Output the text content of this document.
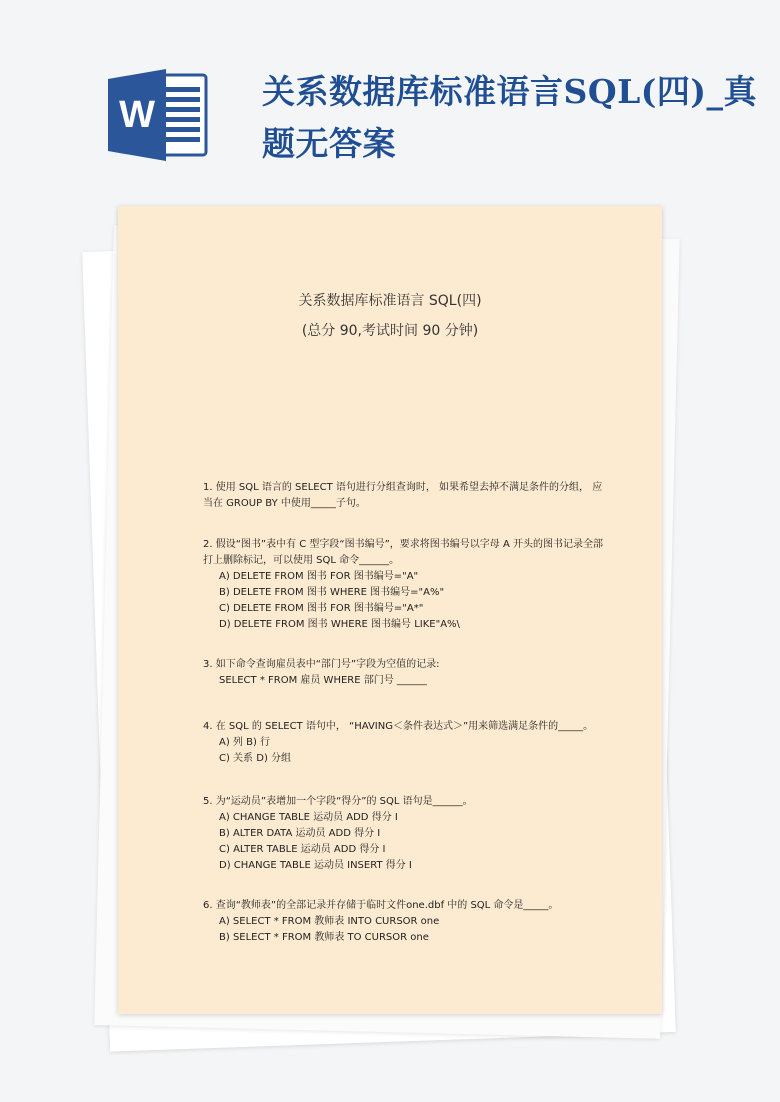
W
关系数据库标准语言SQL(四)_真题无答案
关系数据库标准语言 SQL(四)
(总分 90,考试时间 90 分钟)
1. 使用 SQL 语言的 SELECT 语句进行分组查询时， 如果希望去掉不满足条件的分组， 应当在 GROUP BY 中使用_____子句。
2. 假设“图书”表中有 C 型字段“图书编号”，要求将图书编号以字母 A 开头的图书记录全部打上删除标记，可以使用 SQL 命令______。
A) DELETE FROM 图书 FOR 图书编号="A"
B) DELETE FROM 图书 WHERE 图书编号="A%"
C) DELETE FROM 图书 FOR 图书编号="A*"
D) DELETE FROM 图书 WHERE 图书编号 LIKE"A%\
3. 如下命令查询雇员表中“部门号”字段为空值的记录:
SELECT * FROM 雇员 WHERE 部门号 ______
4. 在 SQL 的 SELECT 语句中， “HAVING＜条件表达式＞”用来筛选满足条件的_____。
A) 列 B) 行
C) 关系 D) 分组
5. 为“运动员”表增加一个字段“得分”的 SQL 语句是______。
A) CHANGE TABLE 运动员 ADD 得分 I
B) ALTER DATA 运动员 ADD 得分 I
C) ALTER TABLE 运动员 ADD 得分 I
D) CHANGE TABLE 运动员 INSERT 得分 I
6. 查询“教师表”的全部记录并存储于临时文件one.dbf 中的 SQL 命令是_____。
A) SELECT * FROM 教师表 INTO CURSOR one
B) SELECT * FROM 教师表 TO CURSOR one
